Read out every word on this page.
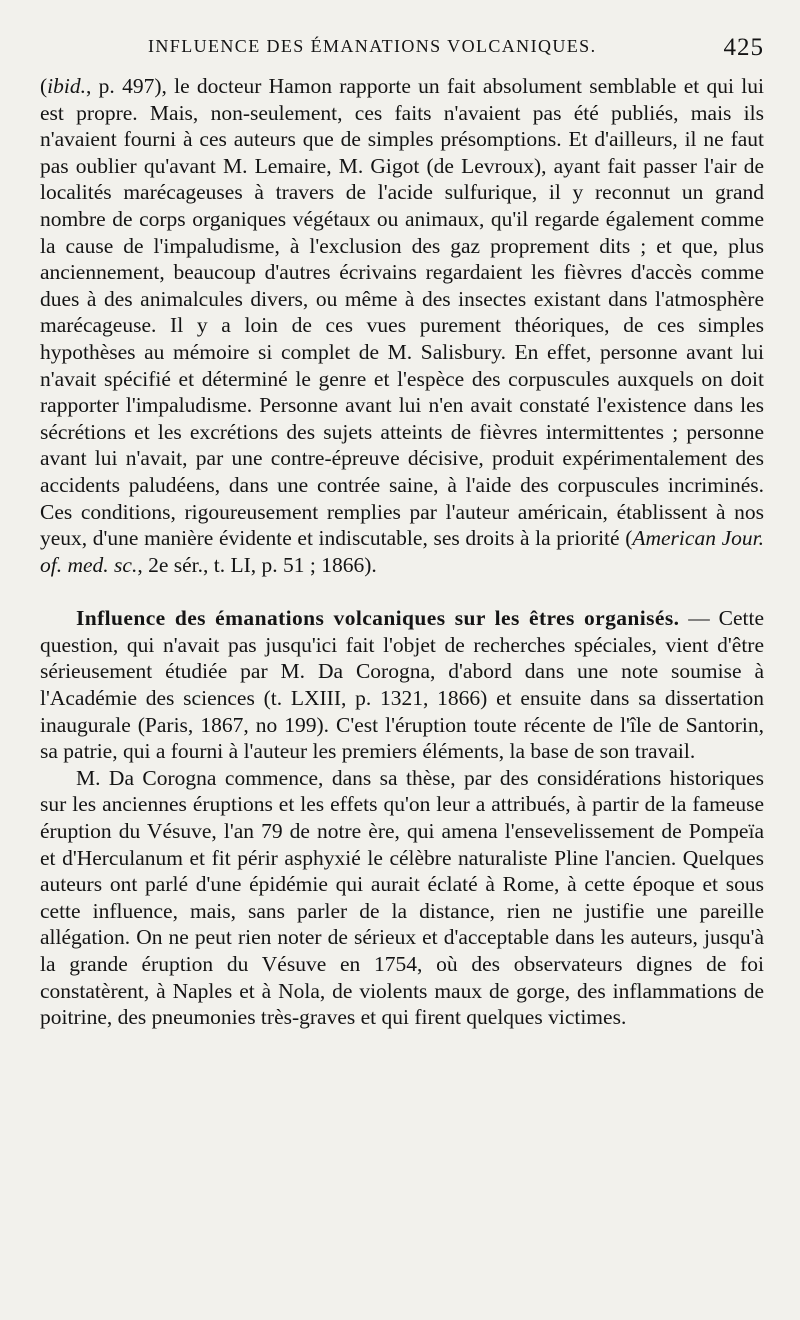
INFLUENCE DES ÉMANATIONS VOLCANIQUES.	425

(ibid., p. 497), le docteur Hamon rapporte un fait absolument semblable et qui lui est propre. Mais, non-seulement, ces faits n'avaient pas été publiés, mais ils n'avaient fourni à ces auteurs que de simples présomptions. Et d'ailleurs, il ne faut pas oublier qu'avant M. Lemaire, M. Gigot (de Levroux), ayant fait passer l'air de localités marécageuses à travers de l'acide sulfurique, il y reconnut un grand nombre de corps organiques végétaux ou animaux, qu'il regarde également comme la cause de l'impaludisme, à l'exclusion des gaz proprement dits ; et que, plus anciennement, beaucoup d'autres écrivains regardaient les fièvres d'accès comme dues à des animalcules divers, ou même à des insectes existant dans l'atmosphère marécageuse. Il y a loin de ces vues purement théoriques, de ces simples hypothèses au mémoire si complet de M. Salisbury. En effet, personne avant lui n'avait spécifié et déterminé le genre et l'espèce des corpuscules auxquels on doit rapporter l'impaludisme. Personne avant lui n'en avait constaté l'existence dans les sécrétions et les excrétions des sujets atteints de fièvres intermittentes ; personne avant lui n'avait, par une contre-épreuve décisive, produit expérimentalement des accidents paludéens, dans une contrée saine, à l'aide des corpuscules incriminés. Ces conditions, rigoureusement remplies par l'auteur américain, établissent à nos yeux, d'une manière évidente et indiscutable, ses droits à la priorité (American Jour. of. med. sc., 2e sér., t. LI, p. 51 ; 1866).

Influence des émanations volcaniques sur les êtres organisés. — Cette question, qui n'avait pas jusqu'ici fait l'objet de recherches spéciales, vient d'être sérieusement étudiée par M. Da Corogna, d'abord dans une note soumise à l'Académie des sciences (t. LXIII, p. 1321, 1866) et ensuite dans sa dissertation inaugurale (Paris, 1867, no 199). C'est l'éruption toute récente de l'île de Santorin, sa patrie, qui a fourni à l'auteur les premiers éléments, la base de son travail.

M. Da Corogna commence, dans sa thèse, par des considérations historiques sur les anciennes éruptions et les effets qu'on leur a attribués, à partir de la fameuse éruption du Vésuve, l'an 79 de notre ère, qui amena l'ensevelissement de Pompeïa et d'Herculanum et fit périr asphyxié le célèbre naturaliste Pline l'ancien. Quelques auteurs ont parlé d'une épidémie qui aurait éclaté à Rome, à cette époque et sous cette influence, mais, sans parler de la distance, rien ne justifie une pareille allégation. On ne peut rien noter de sérieux et d'acceptable dans les auteurs, jusqu'à la grande éruption du Vésuve en 1754, où des observateurs dignes de foi constatèrent, à Naples et à Nola, de violents maux de gorge, des inflammations de poitrine, des pneumonies très-graves et qui firent quelques victimes.
